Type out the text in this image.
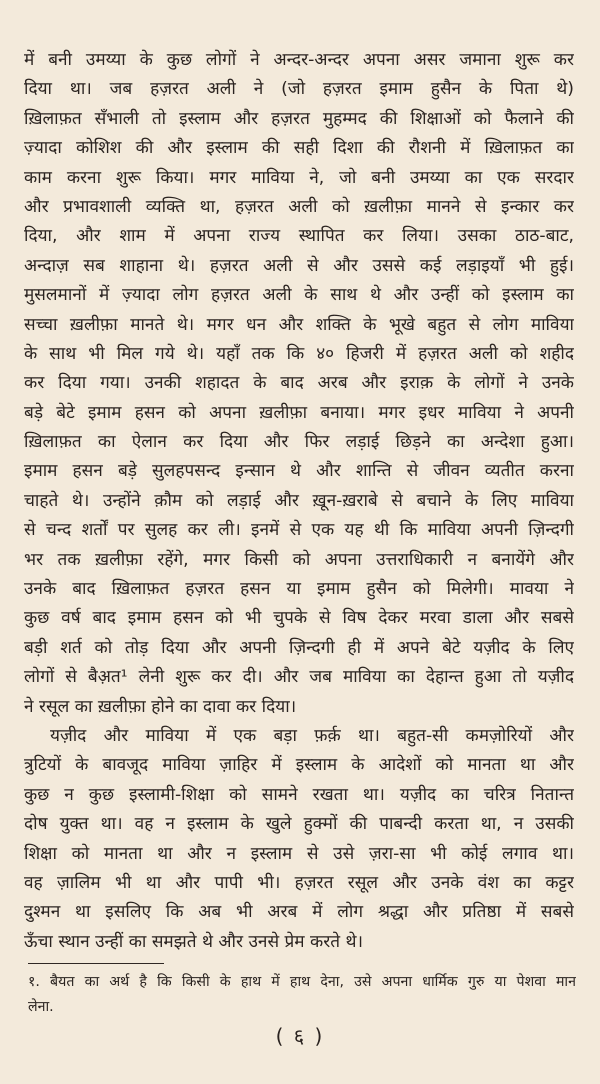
में बनी उमय्या के कुछ लोगों ने अन्दर-अन्दर अपना असर जमाना शुरू कर
दिया था। जब हज़रत अली ने (जो हज़रत इमाम हुसैन के पिता थे)
ख़िलाफ़त सँभाली तो इस्लाम और हज़रत मुहम्मद की शिक्षाओं को फैलाने की
ज़्यादा कोशिश की और इस्लाम की सही दिशा की रौशनी में ख़िलाफ़त का
काम करना शुरू किया। मगर माविया ने, जो बनी उमय्या का एक सरदार
और प्रभावशाली व्यक्ति था, हज़रत अली को ख़लीफ़ा मानने से इन्कार कर
दिया, और शाम में अपना राज्य स्थापित कर लिया। उसका ठाठ-बाट,
अन्दाज़ सब शाहाना थे। हज़रत अली से और उससे कई लड़ाइयाँ भी हुई।
मुसलमानों में ज़्यादा लोग हज़रत अली के साथ थे और उन्हीं को इस्लाम का
सच्चा ख़लीफ़ा मानते थे। मगर धन और शक्ति के भूखे बहुत से लोग माविया
के साथ भी मिल गये थे। यहाँ तक कि ४० हिजरी में हज़रत अली को शहीद
कर दिया गया। उनकी शहादत के बाद अरब और इराक़ के लोगों ने उनके
बड़े बेटे इमाम हसन को अपना ख़लीफ़ा बनाया। मगर इधर माविया ने अपनी
ख़िलाफ़त का ऐलान कर दिया और फिर लड़ाई छिड़ने का अन्देशा हुआ।
इमाम हसन बड़े सुलहपसन्द इन्सान थे और शान्ति से जीवन व्यतीत करना
चाहते थे। उन्होंने क़ौम को लड़ाई और ख़ून-ख़राबे से बचाने के लिए माविया
से चन्द शर्तों पर सुलह कर ली। इनमें से एक यह थी कि माविया अपनी ज़िन्दगी
भर तक ख़लीफ़ा रहेंगे, मगर किसी को अपना उत्तराधिकारी न बनायेंगे और
उनके बाद ख़िलाफ़त हज़रत हसन या इमाम हुसैन को मिलेगी। मावया ने
कुछ वर्ष बाद इमाम हसन को भी चुपके से विष देकर मरवा डाला और सबसे
बड़ी शर्त को तोड़ दिया और अपनी ज़िन्दगी ही में अपने बेटे यज़ीद के लिए
लोगों से बैअ़त¹ लेनी शुरू कर दी। और जब माविया का देहान्त हुआ तो यज़ीद
ने रसूल का ख़लीफ़ा होने का दावा कर दिया।
यज़ीद और माविया में एक बड़ा फ़र्क़ था। बहुत-सी कमज़ोरियों और
त्रुटियों के बावजूद माविया ज़ाहिर में इस्लाम के आदेशों को मानता था और
कुछ न कुछ इस्लामी-शिक्षा को सामने रखता था। यज़ीद का चरित्र नितान्त
दोष युक्त था। वह न इस्लाम के खुले हुक्मों की पाबन्दी करता था, न उसकी
शिक्षा को मानता था और न इस्लाम से उसे ज़रा-सा भी कोई लगाव था।
वह ज़ालिम भी था और पापी भी। हज़रत रसूल और उनके वंश का कट्टर
दुश्मन था इसलिए कि अब भी अरब में लोग श्रद्धा और प्रतिष्ठा में सबसे
ऊँचा स्थान उन्हीं का समझते थे और उनसे प्रेम करते थे।
१. बैयत का अर्थ है कि किसी के हाथ में हाथ देना, उसे अपना धार्मिक गुरु या पेशवा मान
लेना.
( ६ )
